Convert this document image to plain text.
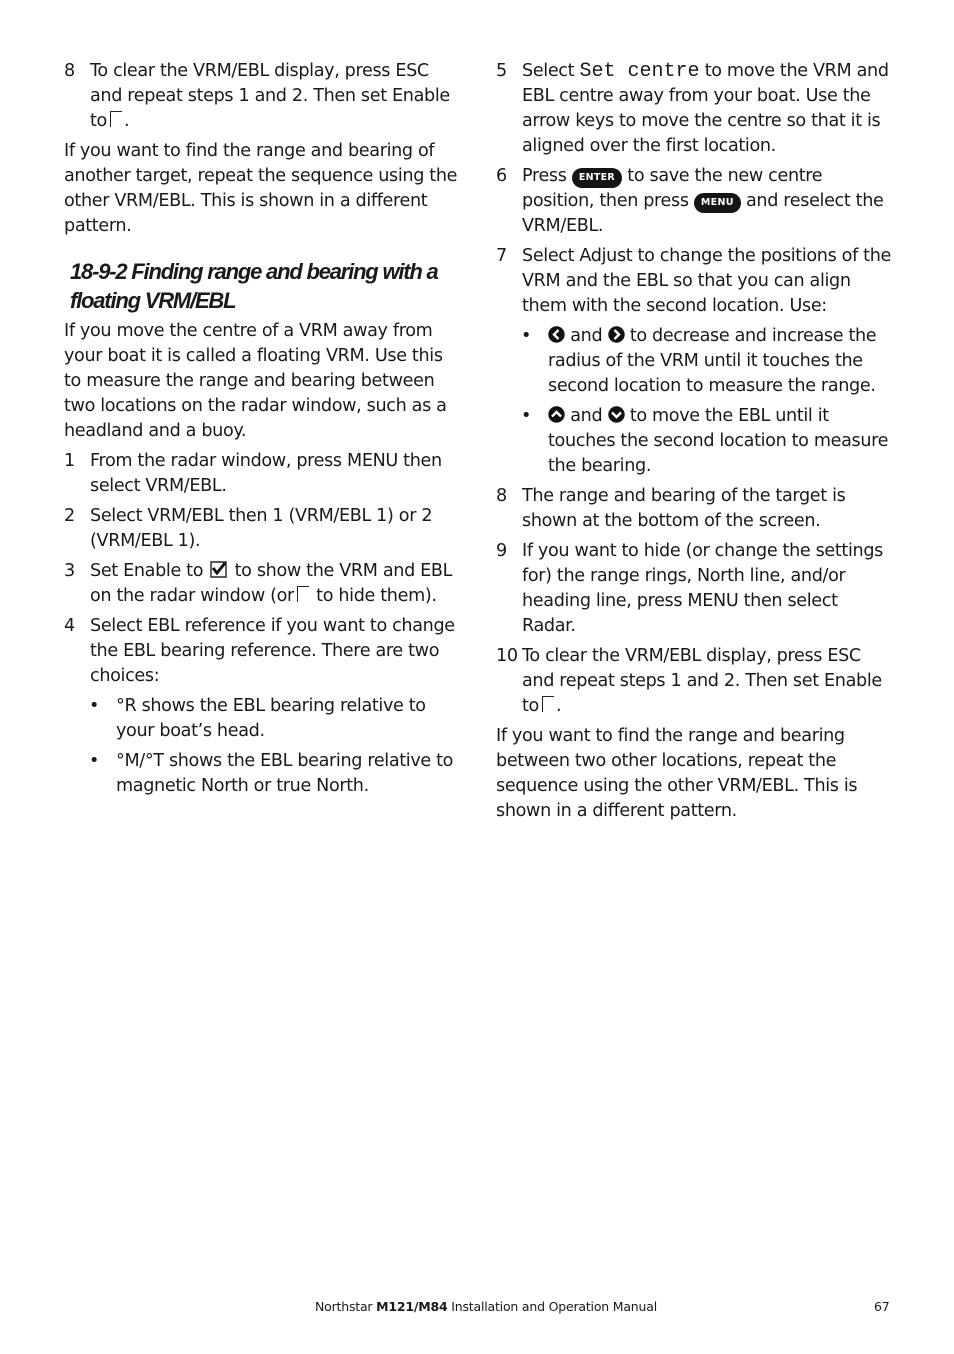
8 To clear the VRM/EBL display, press ESC and repeat steps 1 and 2. Then set Enable to .

If you want to find the range and bearing of another target, repeat the sequence using the other VRM/EBL. This is shown in a different pattern.

18-9-2 Finding range and bearing with a floating VRM/EBL

If you move the centre of a VRM away from your boat it is called a floating VRM. Use this to measure the range and bearing between two locations on the radar window, such as a headland and a buoy.

1 From the radar window, press MENU then select VRM/EBL.
2 Select VRM/EBL then 1 (VRM/EBL 1) or 2 (VRM/EBL 1).
3 Set Enable to to show the VRM and EBL on the radar window (or to hide them).
4 Select EBL reference if you want to change the EBL bearing reference. There are two choices:
• °R shows the EBL bearing relative to your boat’s head.
• °M/°T shows the EBL bearing relative to magnetic North or true North.
5 Select Set centre to move the VRM and EBL centre away from your boat. Use the arrow keys to move the centre so that it is aligned over the first location.
6 Press ENTER to save the new centre position, then press MENU and reselect the VRM/EBL.
7 Select Adjust to change the positions of the VRM and the EBL so that you can align them with the second location. Use:
• and to decrease and increase the radius of the VRM until it touches the second location to measure the range.
• and to move the EBL until it touches the second location to measure the bearing.
8 The range and bearing of the target is shown at the bottom of the screen.
9 If you want to hide (or change the settings for) the range rings, North line, and/or heading line, press MENU then select Radar.
10 To clear the VRM/EBL display, press ESC and repeat steps 1 and 2. Then set Enable to .

If you want to find the range and bearing between two other locations, repeat the sequence using the other VRM/EBL. This is shown in a different pattern.

Northstar M121/M84 Installation and Operation Manual	67
